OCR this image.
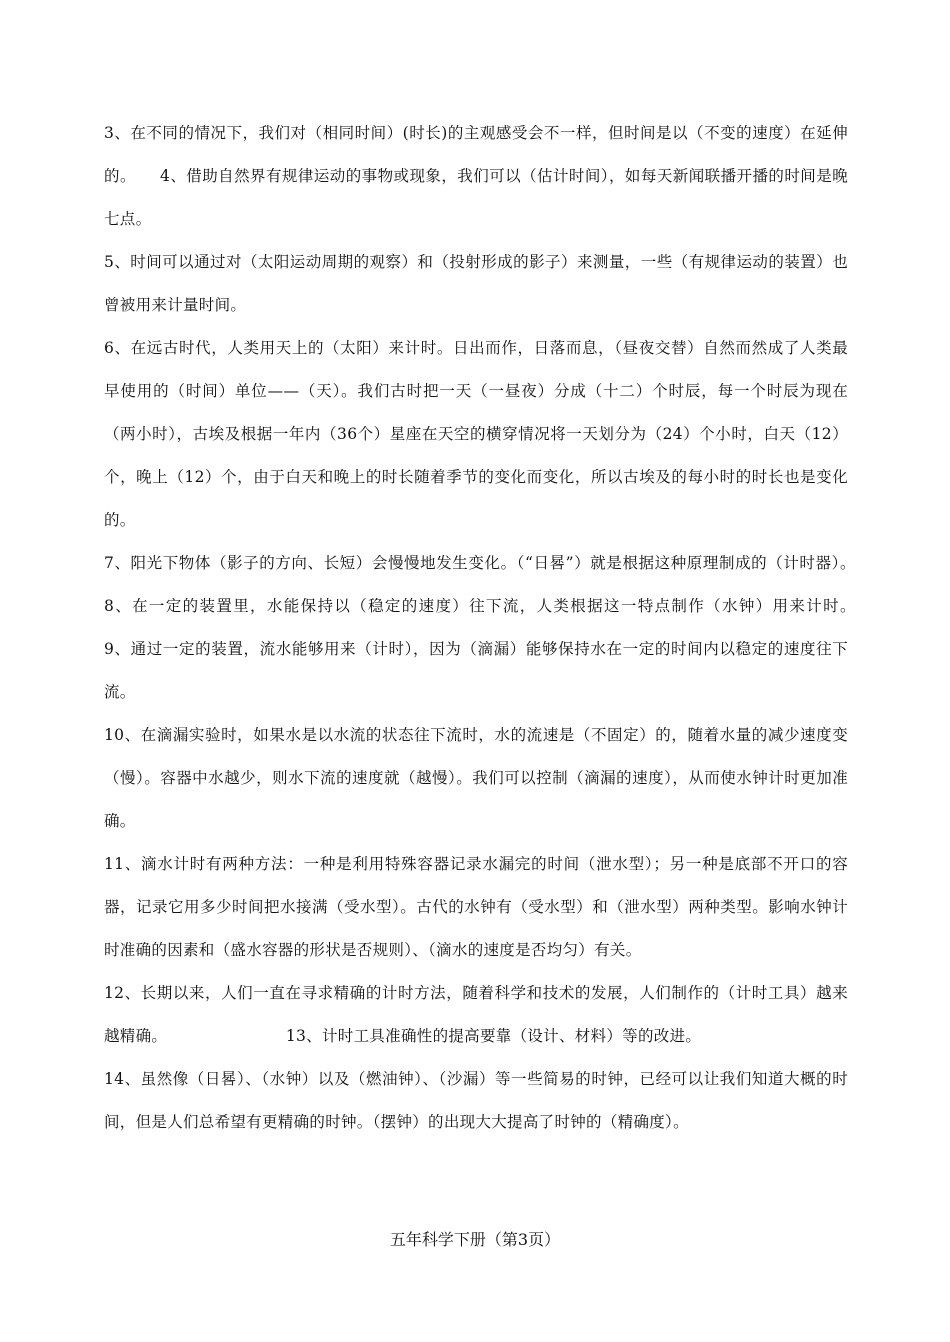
3、在不同的情况下，我们对（相同时间）(时长)的主观感受会不一样，但时间是以（不变的速度）在延伸的。　　4、借助自然界有规律运动的事物或现象，我们可以（估计时间），如每天新闻联播开播的时间是晚七点。

5、时间可以通过对（太阳运动周期的观察）和（投射形成的影子）来测量，一些（有规律运动的装置）也曾被用来计量时间。

6、在远古时代，人类用天上的（太阳）来计时。日出而作，日落而息，（昼夜交替）自然而然成了人类最早使用的（时间）单位——（天）。我们古时把一天（一昼夜）分成（十二）个时辰，每一个时辰为现在（两小时），古埃及根据一年内（36个）星座在天空的横穿情况将一天划分为（24）个小时，白天（12）个，晚上（12）个，由于白天和晚上的时长随着季节的变化而变化，所以古埃及的每小时的时长也是变化的。

7、阳光下物体（影子的方向、长短）会慢慢地发生变化。（“日晷”）就是根据这种原理制成的（计时器）。　　8、在一定的装置里，水能保持以（稳定的速度）往下流，人类根据这一特点制作（水钟）用来计时。　　9、通过一定的装置，流水能够用来（计时），因为（滴漏）能够保持水在一定的时间内以稳定的速度往下流。

10、在滴漏实验时，如果水是以水流的状态往下流时，水的流速是（不固定）的，随着水量的减少速度变（慢）。容器中水越少，则水下流的速度就（越慢）。我们可以控制（滴漏的速度），从而使水钟计时更加准确。

11、滴水计时有两种方法：一种是利用特殊容器记录水漏完的时间（泄水型）；另一种是底部不开口的容器，记录它用多少时间把水接满（受水型）。古代的水钟有（受水型）和（泄水型）两种类型。影响水钟计时准确的因素和（盛水容器的形状是否规则）、（滴水的速度是否均匀）有关。

12、长期以来，人们一直在寻求精确的计时方法，随着科学和技术的发展，人们制作的（计时工具）越来越精确。　　　　　　　　13、计时工具准确性的提高要靠（设计、材料）等的改进。

14、虽然像（日晷）、（水钟）以及（燃油钟）、（沙漏）等一些简易的时钟，已经可以让我们知道大概的时间，但是人们总希望有更精确的时钟。（摆钟）的出现大大提高了时钟的（精确度）。

五年科学下册（第3页）
